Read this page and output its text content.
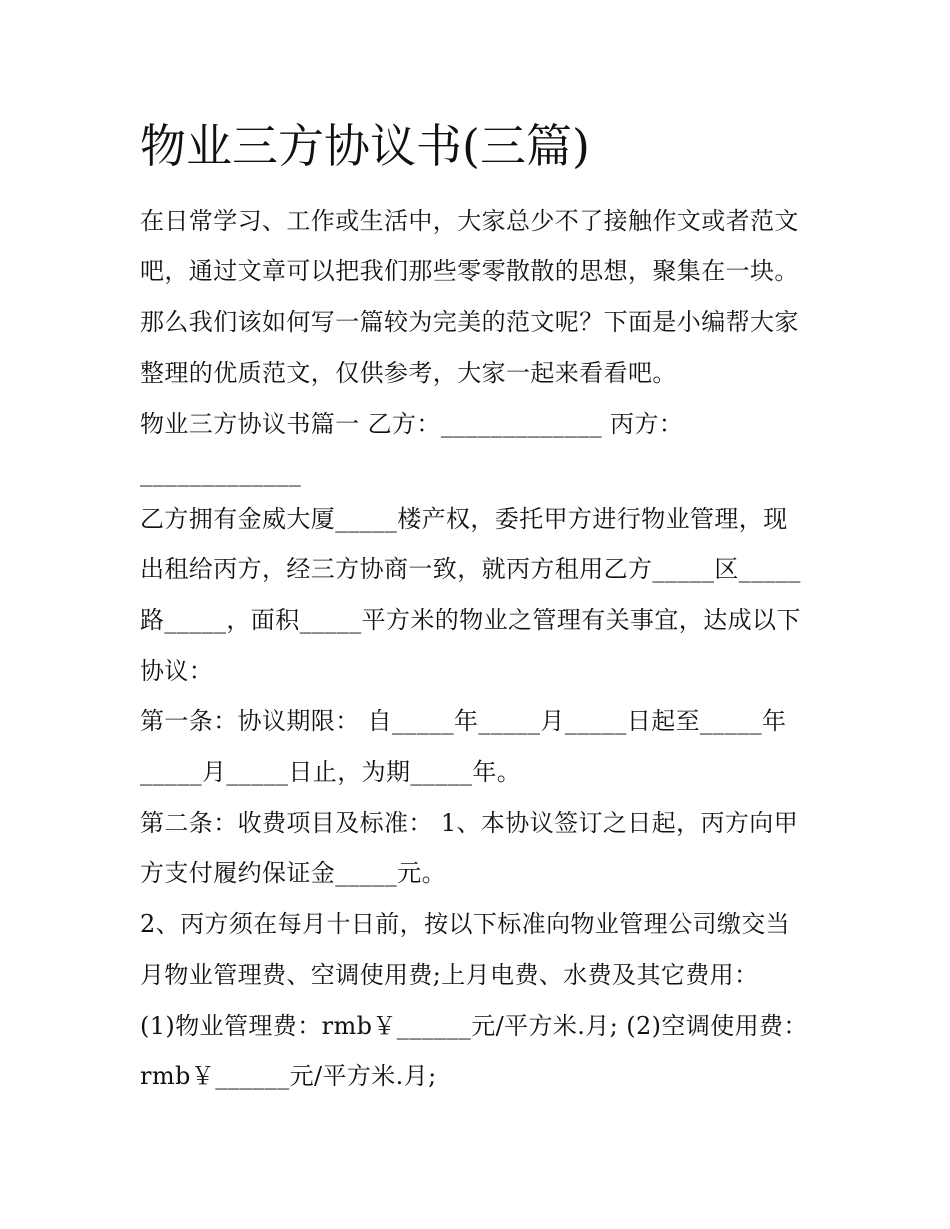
物业三方协议书(三篇)
在日常学习、工作或生活中，大家总少不了接触作文或者范文
吧，通过文章可以把我们那些零零散散的思想，聚集在一块。
那么我们该如何写一篇较为完美的范文呢？下面是小编帮大家
整理的优质范文，仅供参考，大家一起来看看吧。
物业三方协议书篇一 乙方：_____________ 丙方：
_____________
乙方拥有金威大厦_____楼产权，委托甲方进行物业管理，现
出租给丙方，经三方协商一致，就丙方租用乙方_____区_____
路_____，面积_____平方米的物业之管理有关事宜，达成以下
协议：
第一条：协议期限： 自_____年_____月_____日起至_____年
_____月_____日止，为期_____年。
第二条：收费项目及标准： 1、本协议签订之日起，丙方向甲
方支付履约保证金_____元。
2、丙方须在每月十日前，按以下标准向物业管理公司缴交当
月物业管理费、空调使用费;上月电费、水费及其它费用：
(1)物业管理费：rmb￥______元/平方米.月; (2)空调使用费：
rmb￥______元/平方米.月;
